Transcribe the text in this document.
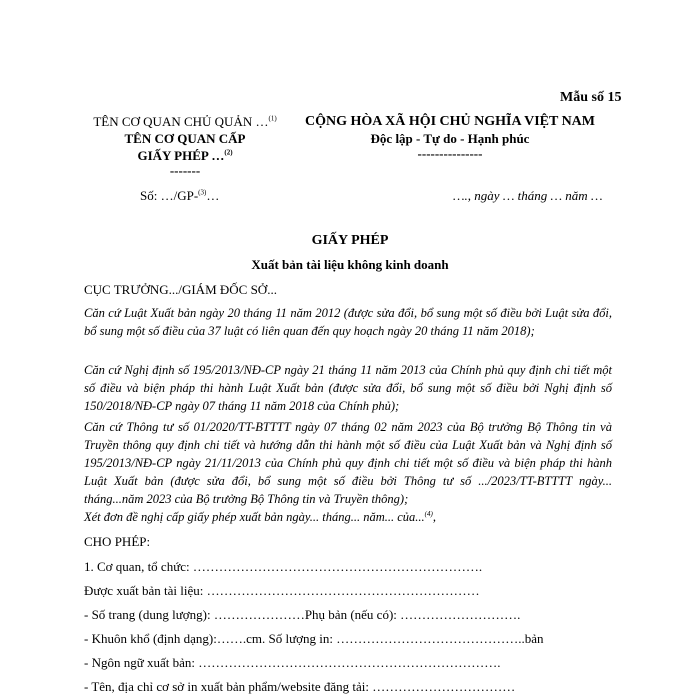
Mẫu số 15
TÊN CƠ QUAN CHỦ QUẢN …$^{(1)}$
TÊN CƠ QUAN CẤP
GIẤY PHÉP …$^{(2)}$
-------
Số: …/GP-$^{(3)}$…
CỘNG HÒA XÃ HỘI CHỦ NGHĨA VIỆT NAM
Độc lập - Tự do - Hạnh phúc
---------------
…., ngày … tháng … năm …
GIẤY PHÉP
Xuất bản tài liệu không kinh doanh
CỤC TRƯỞNG.../GIÁM ĐỐC SỞ...
Căn cứ Luật Xuất bản ngày 20 tháng 11 năm 2012 (được sửa đổi, bổ sung một số điều bởi Luật sửa đổi, bổ sung một số điều của 37 luật có liên quan đến quy hoạch ngày 20 tháng 11 năm 2018);
Căn cứ Nghị định số 195/2013/NĐ-CP ngày 21 tháng 11 năm 2013 của Chính phủ quy định chi tiết một số điều và biện pháp thi hành Luật Xuất bản (được sửa đổi, bổ sung một số điều bởi Nghị định số 150/2018/NĐ-CP ngày 07 tháng 11 năm 2018 của Chính phủ);
Căn cứ Thông tư số 01/2020/TT-BTTTT ngày 07 tháng 02 năm 2023 của Bộ trưởng Bộ Thông tin và Truyền thông quy định chi tiết và hướng dẫn thi hành một số điều của Luật Xuất bản và Nghị định số 195/2013/NĐ-CP ngày 21/11/2013 của Chính phủ quy định chi tiết một số điều và biện pháp thi hành Luật Xuất bản (được sửa đổi, bổ sung một số điều bởi Thông tư số .../2023/TT-BTTTT ngày... tháng...năm 2023 của Bộ trưởng Bộ Thông tin và Truyền thông);
Xét đơn đề nghị cấp giấy phép xuất bản ngày... tháng... năm... của...$^{(4)}$,
CHO PHÉP:
1. Cơ quan, tổ chức: ………………………………………………………….
Được xuất bản tài liệu: ………………………………………………………
- Số trang (dung lượng): …………………Phụ bản (nếu có): ……………………….
- Khuôn khổ (định dạng):…….cm. Số lượng in: ……………………………………..bản
- Ngôn ngữ xuất bản: …………………………………………………………….
- Tên, địa chỉ cơ sở in xuất bản phẩm/website đăng tải: ……………………………
